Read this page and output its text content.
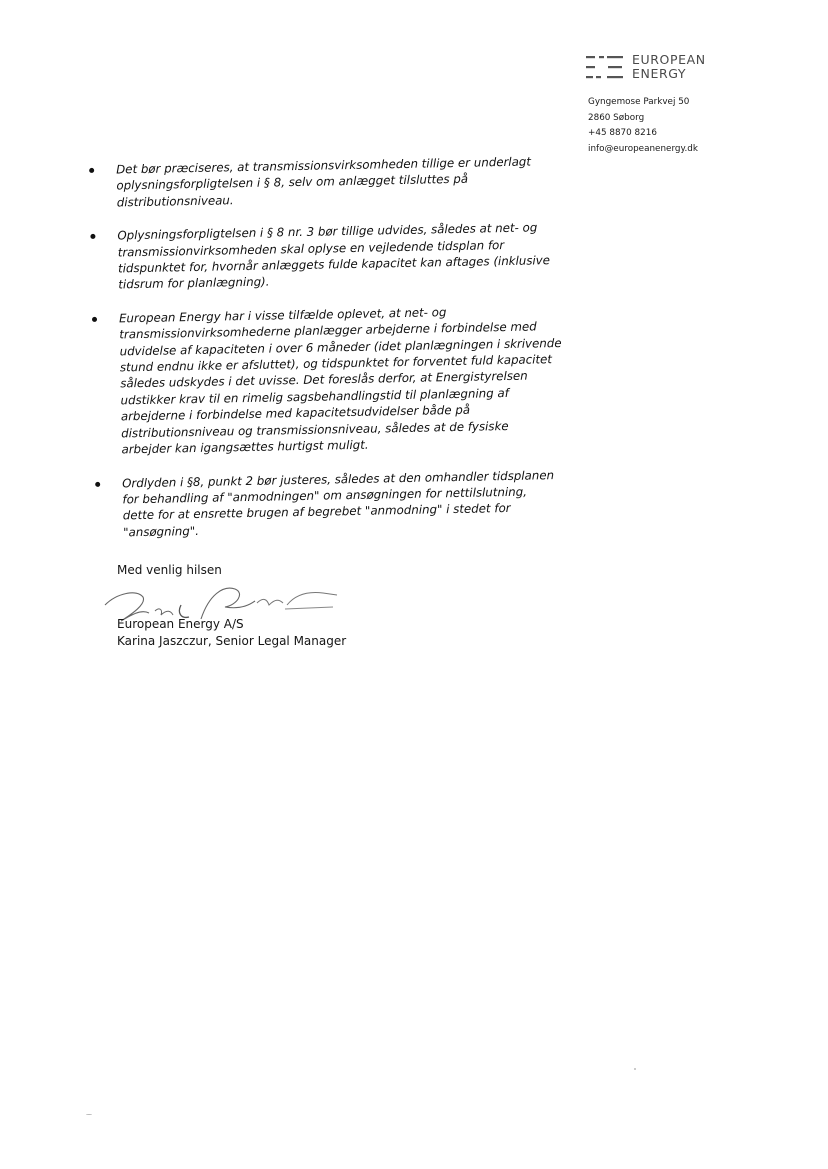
EUROPEAN
ENERGY
Gyngemose Parkvej 50
2860 Søborg
+45 8870 8216
info@europeanenergy.dk
Det bør præciseres, at transmissionsvirksomheden tillige er underlagt
oplysningsforpligtelsen i § 8, selv om anlægget tilsluttes på
distributionsniveau.
Oplysningsforpligtelsen i § 8 nr. 3 bør tillige udvides, således at net- og
transmissionvirksomheden skal oplyse en vejledende tidsplan for
tidspunktet for, hvornår anlæggets fulde kapacitet kan aftages (inklusive
tidsrum for planlægning).
European Energy har i visse tilfælde oplevet, at net- og
transmissionvirksomhederne planlægger arbejderne i forbindelse med
udvidelse af kapaciteten i over 6 måneder (idet planlægningen i skrivende
stund endnu ikke er afsluttet), og tidspunktet for forventet fuld kapacitet
således udskydes i det uvisse. Det foreslås derfor, at Energistyrelsen
udstikker krav til en rimelig sagsbehandlingstid til planlægning af
arbejderne i forbindelse med kapacitetsudvidelser både på
distributionsniveau og transmissionsniveau, således at de fysiske
arbejder kan igangsættes hurtigst muligt.
Ordlyden i §8, punkt 2 bør justeres, således at den omhandler tidsplanen
for behandling af "anmodningen" om ansøgningen for nettilslutning,
dette for at ensrette brugen af begrebet "anmodning" i stedet for
"ansøgning".
Med venlig hilsen
European Energy A/S
Karina Jaszczur, Senior Legal Manager
